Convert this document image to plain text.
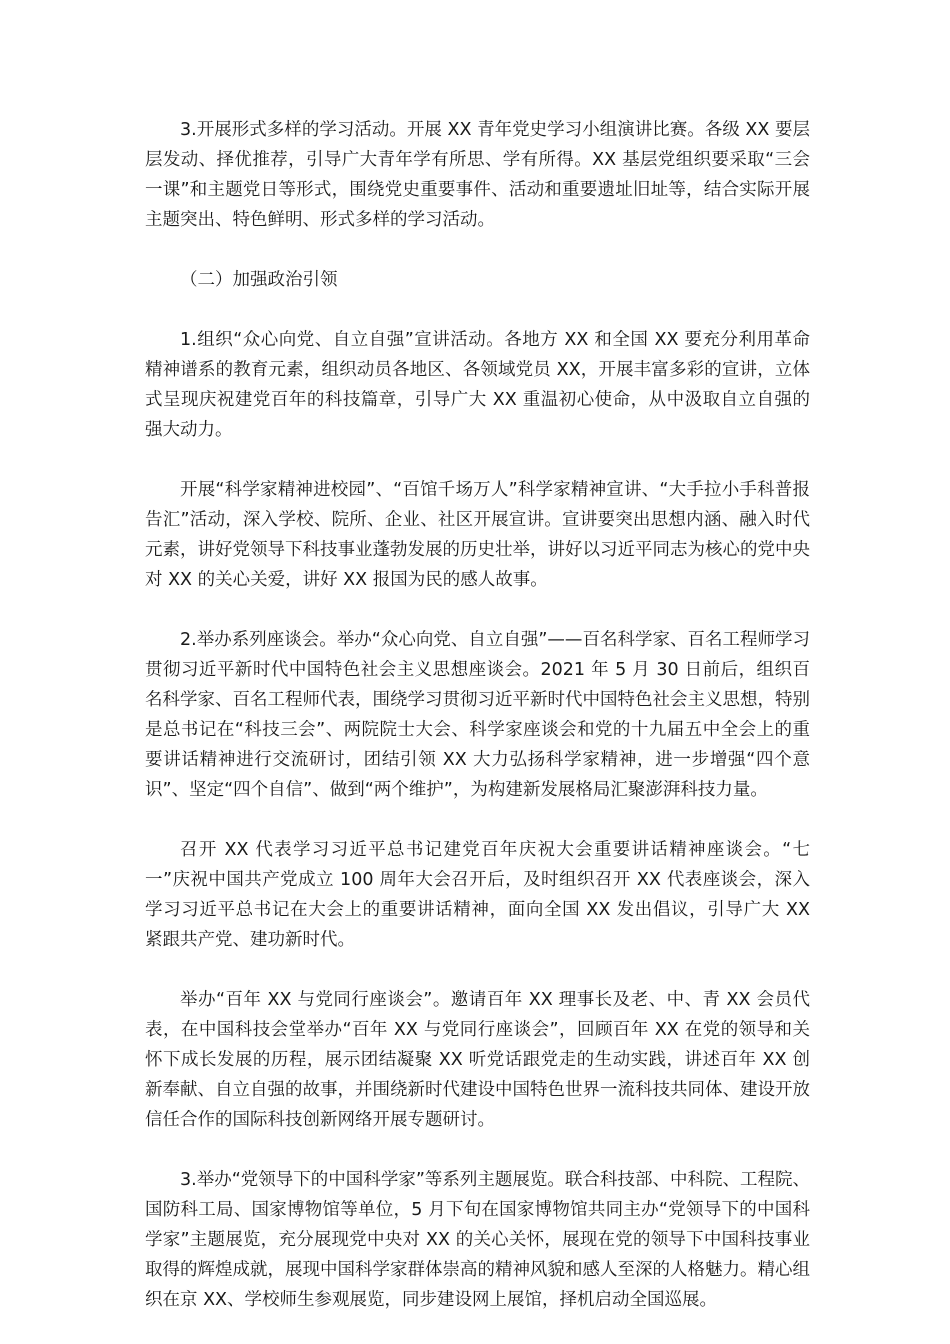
3.开展形式多样的学习活动。开展 XX 青年党史学习小组演讲比赛。各级 XX 要层层发动、择优推荐，引导广大青年学有所思、学有所得。XX 基层党组织要采取“三会一课”和主题党日等形式，围绕党史重要事件、活动和重要遗址旧址等，结合实际开展主题突出、特色鲜明、形式多样的学习活动。

（二）加强政治引领

1.组织“众心向党、自立自强”宣讲活动。各地方 XX 和全国 XX 要充分利用革命精神谱系的教育元素，组织动员各地区、各领域党员 XX，开展丰富多彩的宣讲，立体式呈现庆祝建党百年的科技篇章，引导广大 XX 重温初心使命，从中汲取自立自强的强大动力。

开展“科学家精神进校园”、“百馆千场万人”科学家精神宣讲、“大手拉小手科普报告汇”活动，深入学校、院所、企业、社区开展宣讲。宣讲要突出思想内涵、融入时代元素，讲好党领导下科技事业蓬勃发展的历史壮举，讲好以习近平同志为核心的党中央对 XX 的关心关爱，讲好 XX 报国为民的感人故事。

2.举办系列座谈会。举办“众心向党、自立自强”——百名科学家、百名工程师学习贯彻习近平新时代中国特色社会主义思想座谈会。2021 年 5 月 30 日前后，组织百名科学家、百名工程师代表，围绕学习贯彻习近平新时代中国特色社会主义思想，特别是总书记在“科技三会”、两院院士大会、科学家座谈会和党的十九届五中全会上的重要讲话精神进行交流研讨，团结引领 XX 大力弘扬科学家精神，进一步增强“四个意识”、坚定“四个自信”、做到“两个维护”，为构建新发展格局汇聚澎湃科技力量。

召开 XX 代表学习习近平总书记建党百年庆祝大会重要讲话精神座谈会。“七一”庆祝中国共产党成立 100 周年大会召开后，及时组织召开 XX 代表座谈会，深入学习习近平总书记在大会上的重要讲话精神，面向全国 XX 发出倡议，引导广大 XX 紧跟共产党、建功新时代。

举办“百年 XX 与党同行座谈会”。邀请百年 XX 理事长及老、中、青 XX 会员代表，在中国科技会堂举办“百年 XX 与党同行座谈会”，回顾百年 XX 在党的领导和关怀下成长发展的历程，展示团结凝聚 XX 听党话跟党走的生动实践，讲述百年 XX 创新奉献、自立自强的故事，并围绕新时代建设中国特色世界一流科技共同体、建设开放信任合作的国际科技创新网络开展专题研讨。

3.举办“党领导下的中国科学家”等系列主题展览。联合科技部、中科院、工程院、国防科工局、国家博物馆等单位，5 月下旬在国家博物馆共同主办“党领导下的中国科学家”主题展览，充分展现党中央对 XX 的关心关怀，展现在党的领导下中国科技事业取得的辉煌成就，展现中国科学家群体崇高的精神风貌和感人至深的人格魅力。精心组织在京 XX、学校师生参观展览，同步建设网上展馆，择机启动全国巡展。
